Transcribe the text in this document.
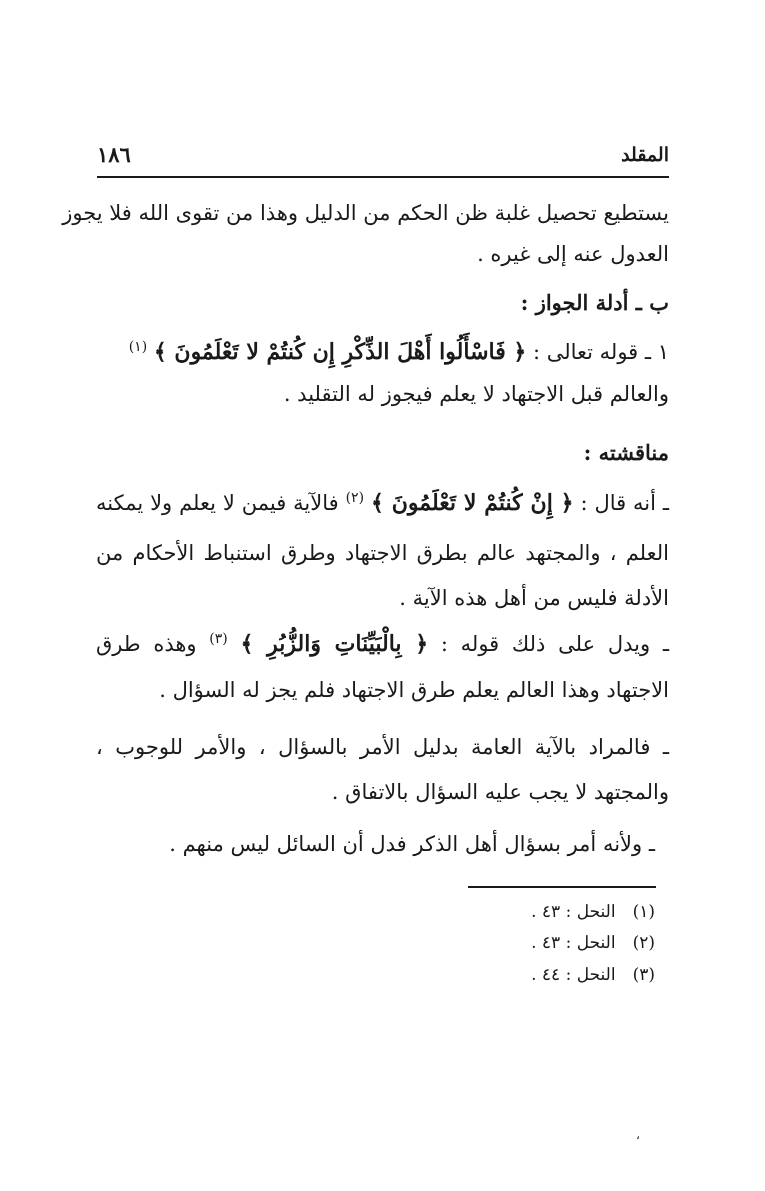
المقلد
١٨٦
يستطيع تحصيل غلبة ظن الحكم من الدليل وهذا من تقوى الله فلا يجوز
العدول عنه إلى غيره .
ب ـ أدلة الجواز :
١ ـ قوله تعالى : ﴿ فَاسْأَلُوا أَهْلَ الذِّكْرِ إِن كُنتُمْ لا تَعْلَمُونَ ﴾ $^{(١)}$
والعالم قبل الاجتهاد لا يعلم فيجوز له التقليد .
مناقشته :
ـ أنه قال : ﴿ إِنْ كُنتُمْ لا تَعْلَمُونَ ﴾ $^{(٢)}$ فالآية فيمن لا يعلم ولا يمكنه
العلم ، والمجتهد عالم بطرق الاجتهاد وطرق استنباط الأحكام من
الأدلة فليس من أهل هذه الآية .
ـ ويدل على ذلك قوله : ﴿ بِالْبَيِّنَاتِ وَالزُّبُرِ ﴾ $^{(٣)}$ وهذه طرق
الاجتهاد وهذا العالم يعلم طرق الاجتهاد فلم يجز له السؤال .
ـ فالمراد بالآية العامة بدليل الأمر بالسؤال ، والأمر للوجوب ،
والمجتهد لا يجب عليه السؤال بالاتفاق .
ـ ولأنه أمر بسؤال أهل الذكر فدل أن السائل ليس منهم .
(١) النحل : ٤٣ .
(٢) النحل : ٤٣ .
(٣) النحل : ٤٤ .
،
